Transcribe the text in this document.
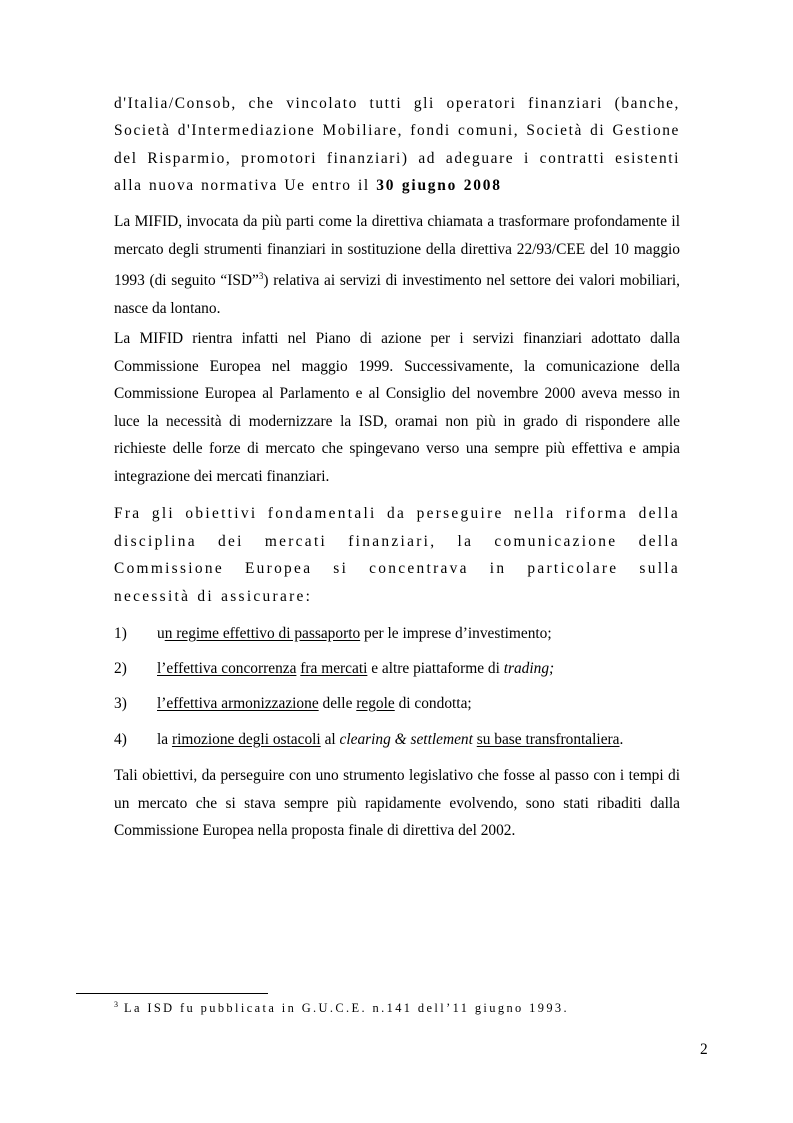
d'Italia/Consob, che vincolato tutti gli operatori finanziari (banche, Società d'Intermediazione Mobiliare, fondi comuni, Società di Gestione del Risparmio, promotori finanziari) ad adeguare i contratti esistenti alla nuova normativa Ue entro il 30 giugno 2008

La MIFID, invocata da più parti come la direttiva chiamata a trasformare profondamente il mercato degli strumenti finanziari in sostituzione della direttiva 22/93/CEE del 10 maggio 1993 (di seguito “ISD”$^3$) relativa ai servizi di investimento nel settore dei valori mobiliari, nasce da lontano.

La MIFID rientra infatti nel Piano di azione per i servizi finanziari adottato dalla Commissione Europea nel maggio 1999. Successivamente, la comunicazione della Commissione Europea al Parlamento e al Consiglio del novembre 2000 aveva messo in luce la necessità di modernizzare la ISD, oramai non più in grado di rispondere alle richieste delle forze di mercato che spingevano verso una sempre più effettiva e ampia integrazione dei mercati finanziari.

Fra gli obiettivi fondamentali da perseguire nella riforma della disciplina dei mercati finanziari, la comunicazione della Commissione Europea si concentrava in particolare sulla necessità di assicurare:

1) un regime effettivo di passaporto per le imprese d’investimento;

2) l’effettiva concorrenza fra mercati e altre piattaforme di trading;

3) l’effettiva armonizzazione delle regole di condotta;

4) la rimozione degli ostacoli al clearing & settlement su base transfrontaliera.

Tali obiettivi, da perseguire con uno strumento legislativo che fosse al passo con i tempi di un mercato che si stava sempre più rapidamente evolvendo, sono stati ribaditi dalla Commissione Europea nella proposta finale di direttiva del 2002.

$^3$ La ISD fu pubblicata in G.U.C.E. n.141 dell’11 giugno 1993.

2
